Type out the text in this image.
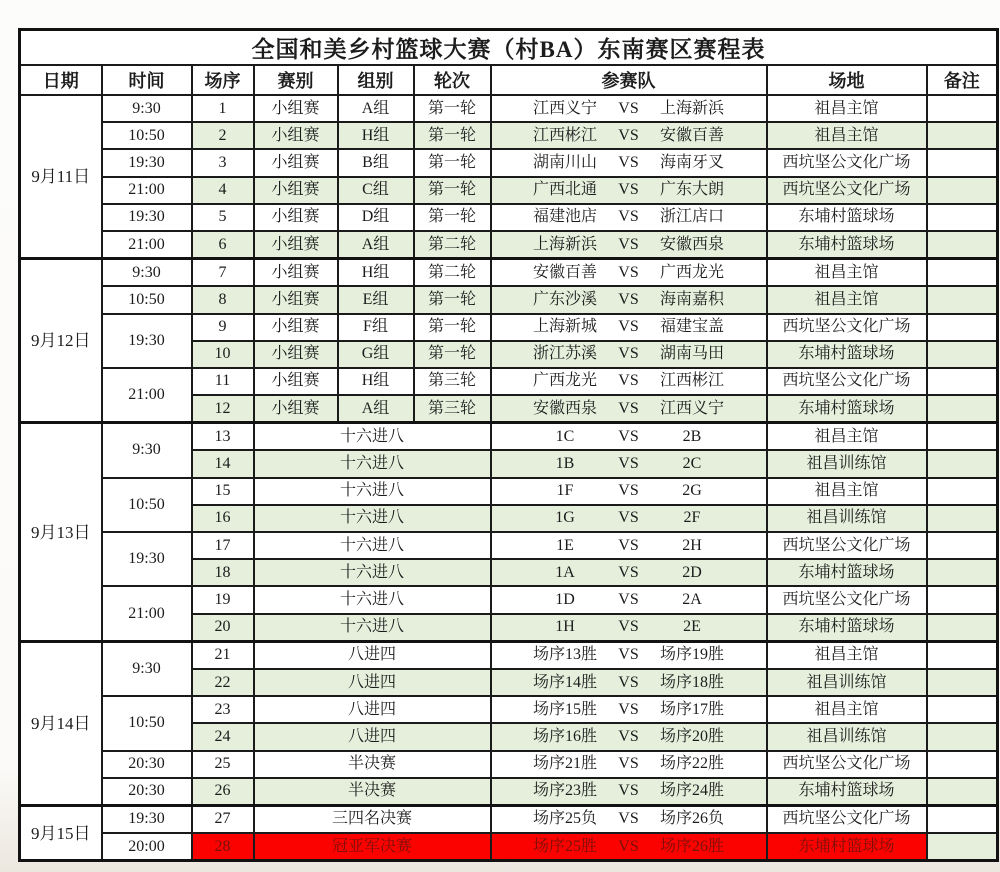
全国和美乡村篮球大赛（村BA）东南赛区赛程表								
日期	时间	场序	赛别	组别	轮次	参赛队	场地	备注
9月11日	9:30	1	小组赛	A组	第一轮	江西义宁 VS 上海新浜	祖昌主馆	
	10:50	2	小组赛	H组	第一轮	江西彬江 VS 安徽百善	祖昌主馆	
	19:30	3	小组赛	B组	第一轮	湖南川山 VS 海南牙叉	西坑坚公文化广场	
	21:00	4	小组赛	C组	第一轮	广西北通 VS 广东大朗	西坑坚公文化广场	
	19:30	5	小组赛	D组	第一轮	福建池店 VS 浙江店口	东埔村篮球场	
	21:00	6	小组赛	A组	第二轮	上海新浜 VS 安徽西泉	东埔村篮球场	
9月12日	9:30	7	小组赛	H组	第二轮	安徽百善 VS 广西龙光	祖昌主馆	
	10:50	8	小组赛	E组	第一轮	广东沙溪 VS 海南嘉积	祖昌主馆	
	19:30	9	小组赛	F组	第一轮	上海新城 VS 福建宝盖	西坑坚公文化广场	
		10	小组赛	G组	第一轮	浙江苏溪 VS 湖南马田	东埔村篮球场	
	21:00	11	小组赛	H组	第三轮	广西龙光 VS 江西彬江	西坑坚公文化广场	
		12	小组赛	A组	第三轮	安徽西泉 VS 江西义宁	东埔村篮球场	
9月13日	9:30	13	十六进八			1C VS 2B	祖昌主馆	
		14	十六进八			1B VS 2C	祖昌训练馆	
	10:50	15	十六进八			1F VS 2G	祖昌主馆	
		16	十六进八			1G VS 2F	祖昌训练馆	
	19:30	17	十六进八			1E VS 2H	西坑坚公文化广场	
		18	十六进八			1A VS 2D	东埔村篮球场	
	21:00	19	十六进八			1D VS 2A	西坑坚公文化广场	
		20	十六进八			1H VS 2E	东埔村篮球场	
9月14日	9:30	21	八进四			场序13胜 VS 场序19胜	祖昌主馆	
		22	八进四			场序14胜 VS 场序18胜	祖昌训练馆	
	10:50	23	八进四			场序15胜 VS 场序17胜	祖昌主馆	
		24	八进四			场序16胜 VS 场序20胜	祖昌训练馆	
	20:30	25	半决赛			场序21胜 VS 场序22胜	西坑坚公文化广场	
	20:30	26	半决赛			场序23胜 VS 场序24胜	东埔村篮球场	
9月15日	19:30	27	三四名决赛			场序25负 VS 场序26负	西坑坚公文化广场	
	20:00	28	冠亚军决赛			场序25胜 VS 场序26胜	东埔村篮球场	
